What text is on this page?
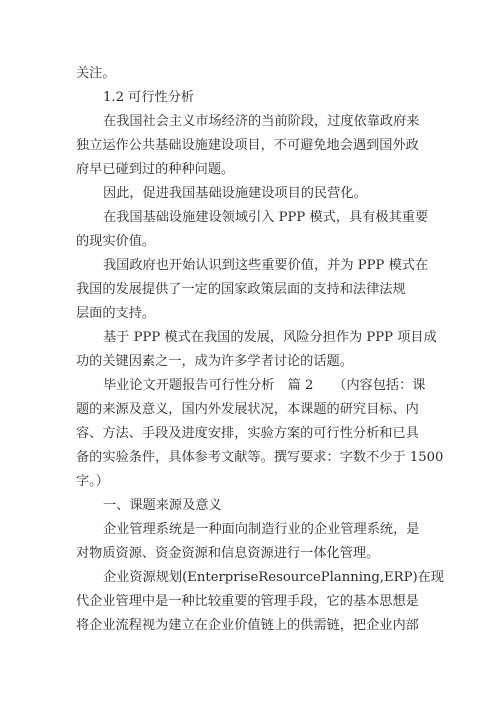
关注。
1.2 可行性分析
在我国社会主义市场经济的当前阶段，过度依靠政府来
独立运作公共基础设施建设项目，不可避免地会遇到国外政
府早已碰到过的种种问题。
因此，促进我国基础设施建设项目的民营化。
在我国基础设施建设领域引入 PPP 模式，具有极其重要
的现实价值。
我国政府也开始认识到这些重要价值，并为 PPP 模式在
我国的发展提供了一定的国家政策层面的支持和法律法规
层面的支持。
基于 PPP 模式在我国的发展，风险分担作为 PPP 项目成
功的关键因素之一，成为许多学者讨论的话题。
毕业论文开题报告可行性分析　篇 2　　（内容包括：课
题的来源及意义，国内外发展状况，本课题的研究目标、内
容、方法、手段及进度安排，实验方案的可行性分析和已具
备的实验条件，具体参考文献等。撰写要求：字数不少于 1500
字。）
一、课题来源及意义
企业管理系统是一种面向制造行业的企业管理系统，是
对物质资源、资金资源和信息资源进行一体化管理。
企业资源规划(EnterpriseResourcePlanning,ERP)在现
代企业管理中是一种比较重要的管理手段，它的基本思想是
将企业流程视为建立在企业价值链上的供需链，把企业内部
